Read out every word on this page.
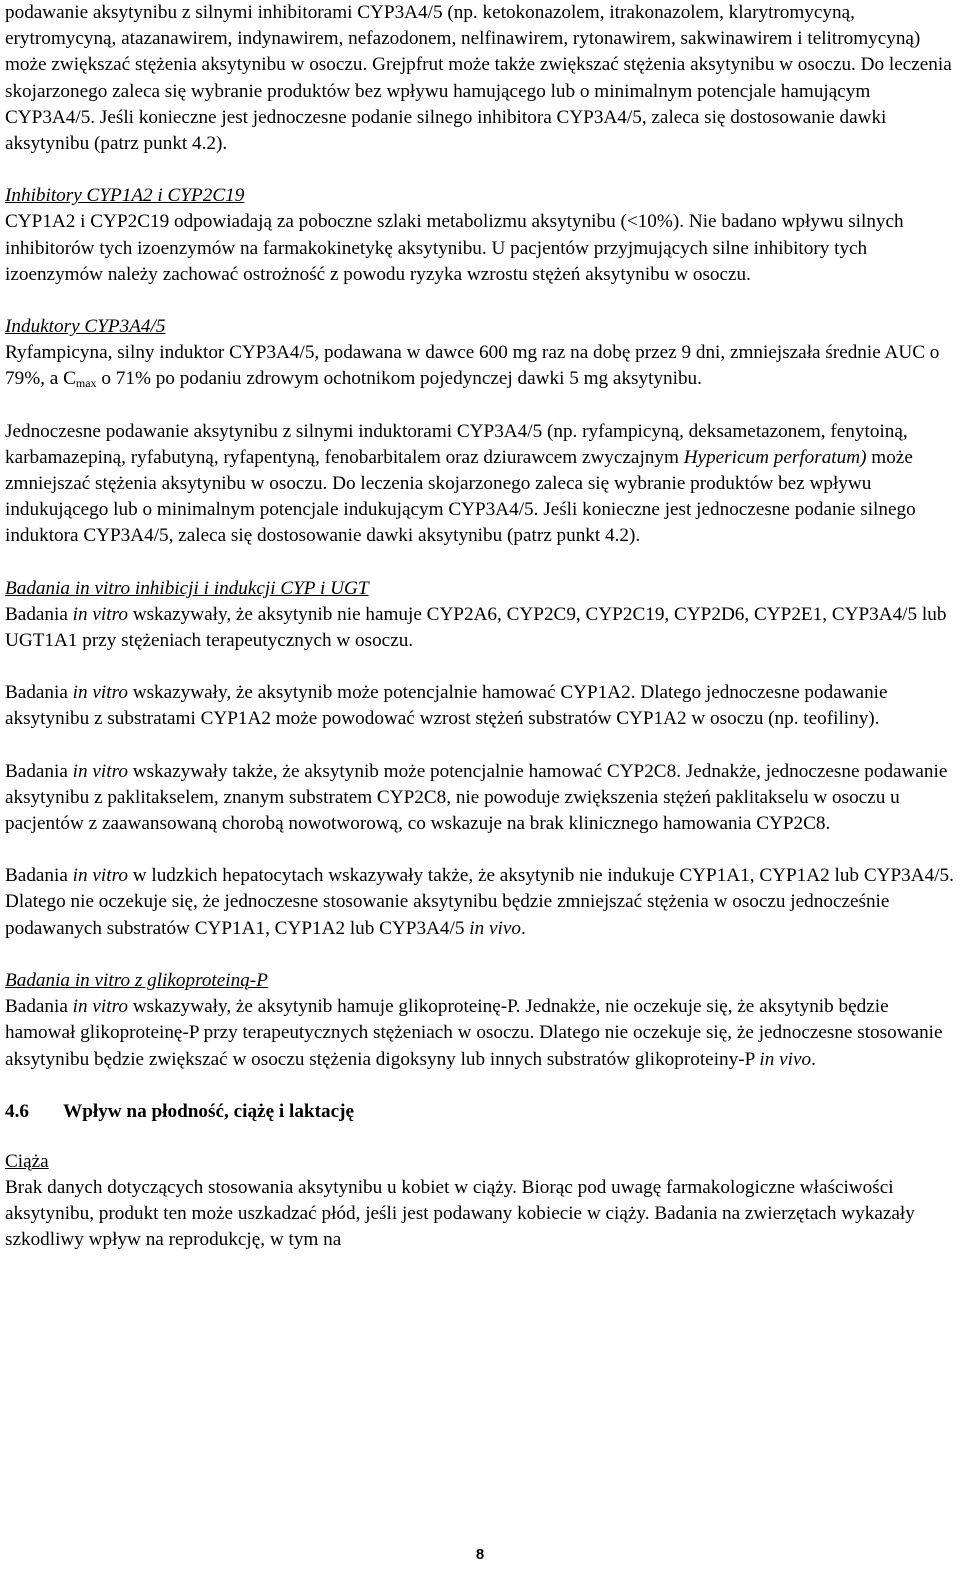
podawanie aksytynibu z silnymi inhibitorami CYP3A4/5 (np. ketokonazolem, itrakonazolem, klarytromycyną, erytromycyną, atazanawirem, indynawirem, nefazodonem, nelfinawirem, rytonawirem, sakwinawirem i telitromycyną) może zwiększać stężenia aksytynibu w osoczu. Grejpfrut może także zwiększać stężenia aksytynibu w osoczu. Do leczenia skojarzonego zaleca się wybranie produktów bez wpływu hamującego lub o minimalnym potencjale hamującym CYP3A4/5. Jeśli konieczne jest jednoczesne podanie silnego inhibitora CYP3A4/5, zaleca się dostosowanie dawki aksytynibu (patrz punkt 4.2).

Inhibitory CYP1A2 i CYP2C19

CYP1A2 i CYP2C19 odpowiadają za poboczne szlaki metabolizmu aksytynibu (<10%). Nie badano wpływu silnych inhibitorów tych izoenzymów na farmakokinetykę aksytynibu. U pacjentów przyjmujących silne inhibitory tych izoenzymów należy zachować ostrożność z powodu ryzyka wzrostu stężeń aksytynibu w osoczu.

Induktory CYP3A4/5

Ryfampicyna, silny induktor CYP3A4/5, podawana w dawce 600 mg raz na dobę przez 9 dni, zmniejszała średnie AUC o 79%, a $C_{max}$ o 71% po podaniu zdrowym ochotnikom pojedynczej dawki 5 mg aksytynibu.

Jednoczesne podawanie aksytynibu z silnymi induktorami CYP3A4/5 (np. ryfampicyną, deksametazonem, fenytoiną, karbamazepiną, ryfabutyną, ryfapentyną, fenobarbitalem oraz dziurawcem zwyczajnym Hypericum perforatum) może zmniejszać stężenia aksytynibu w osoczu. Do leczenia skojarzonego zaleca się wybranie produktów bez wpływu indukującego lub o minimalnym potencjale indukującym CYP3A4/5. Jeśli konieczne jest jednoczesne podanie silnego induktora CYP3A4/5, zaleca się dostosowanie dawki aksytynibu (patrz punkt 4.2).

Badania in vitro inhibicji i indukcji CYP i UGT

Badania in vitro wskazywały, że aksytynib nie hamuje CYP2A6, CYP2C9, CYP2C19, CYP2D6, CYP2E1, CYP3A4/5 lub UGT1A1 przy stężeniach terapeutycznych w osoczu.

Badania in vitro wskazywały, że aksytynib może potencjalnie hamować CYP1A2. Dlatego jednoczesne podawanie aksytynibu z substratami CYP1A2 może powodować wzrost stężeń substratów CYP1A2 w osoczu (np. teofiliny).

Badania in vitro wskazywały także, że aksytynib może potencjalnie hamować CYP2C8. Jednakże, jednoczesne podawanie aksytynibu z paklitakselem, znanym substratem CYP2C8, nie powoduje zwiększenia stężeń paklitakselu w osoczu u pacjentów z zaawansowaną chorobą nowotworową, co wskazuje na brak klinicznego hamowania CYP2C8.

Badania in vitro w ludzkich hepatocytach wskazywały także, że aksytynib nie indukuje CYP1A1, CYP1A2 lub CYP3A4/5. Dlatego nie oczekuje się, że jednoczesne stosowanie aksytynibu będzie zmniejszać stężenia w osoczu jednocześnie podawanych substratów CYP1A1, CYP1A2 lub CYP3A4/5 in vivo.

Badania in vitro z glikoproteiną-P

Badania in vitro wskazywały, że aksytynib hamuje glikoproteinę-P. Jednakże, nie oczekuje się, że aksytynib będzie hamował glikoproteinę-P przy terapeutycznych stężeniach w osoczu. Dlatego nie oczekuje się, że jednoczesne stosowanie aksytynibu będzie zwiększać w osoczu stężenia digoksyny lub innych substratów glikoproteiny-P in vivo.

4.6 Wpływ na płodność, ciążę i laktację

Ciąża

Brak danych dotyczących stosowania aksytynibu u kobiet w ciąży. Biorąc pod uwagę farmakologiczne właściwości aksytynibu, produkt ten może uszkadzać płód, jeśli jest podawany kobiecie w ciąży. Badania na zwierzętach wykazały szkodliwy wpływ na reprodukcję, w tym na

8
